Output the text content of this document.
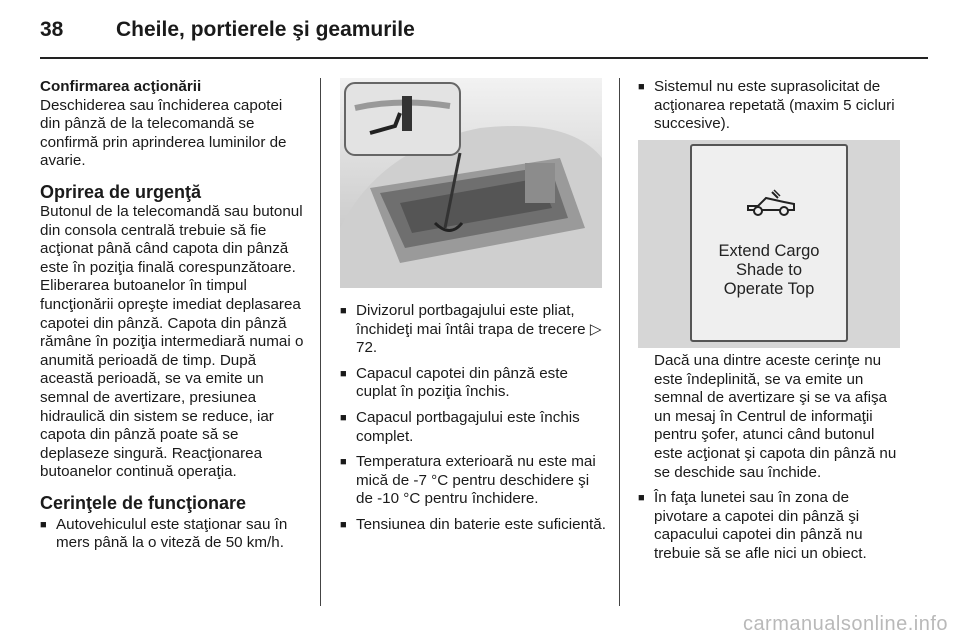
38	Cheile, portierele şi geamurile
Confirmarea acţionării

Deschiderea sau închiderea capotei din pânză de la telecomandă se confirmă prin aprinderea luminilor de avarie.

Oprirea de urgenţă

Butonul de la telecomandă sau butonul din consola centrală trebuie să fie acţionat până când capota din pânză este în poziţia finală corespunzătoare. Eliberarea butoanelor în timpul funcţionării opreşte imediat deplasarea capotei din pânză. Capota din pânză rămâne în poziţia intermediară numai o anumită perioadă de timp. După această perioadă, se va emite un semnal de avertizare, presiunea hidraulică din sistem se reduce, iar capota din pânză poate să se deplaseze singură. Reacţionarea butoanelor continuă operaţia.

Cerinţele de funcţionare
■ Autovehiculul este staţionar sau în mers până la o viteză de 50 km/h.
■ Divizorul portbagajului este pliat, închideţi mai întâi trapa de trecere ▷ 72.
■ Capacul capotei din pânză este cuplat în poziţia închis.
■ Capacul portbagajului este închis complet.
■ Temperatura exterioară nu este mai mică de -7 °C pentru deschidere şi de -10 °C pentru închidere.
■ Tensiunea din baterie este suficientă.
■ Sistemul nu este suprasolicitat de acţionarea repetată (maxim 5 cicluri succesive).
Extend Cargo
Shade to
Operate Top

Dacă una dintre aceste cerinţe nu este îndeplinită, se va emite un semnal de avertizare şi se va afişa un mesaj în Centrul de informaţii pentru şofer, atunci când butonul este acţionat şi capota din pânză nu se deschide sau închide.

■ În faţa lunetei sau în zona de pivotare a capotei din pânză şi capacului capotei din pânză nu trebuie să se afle nici un obiect.
carmanualsonline.info
